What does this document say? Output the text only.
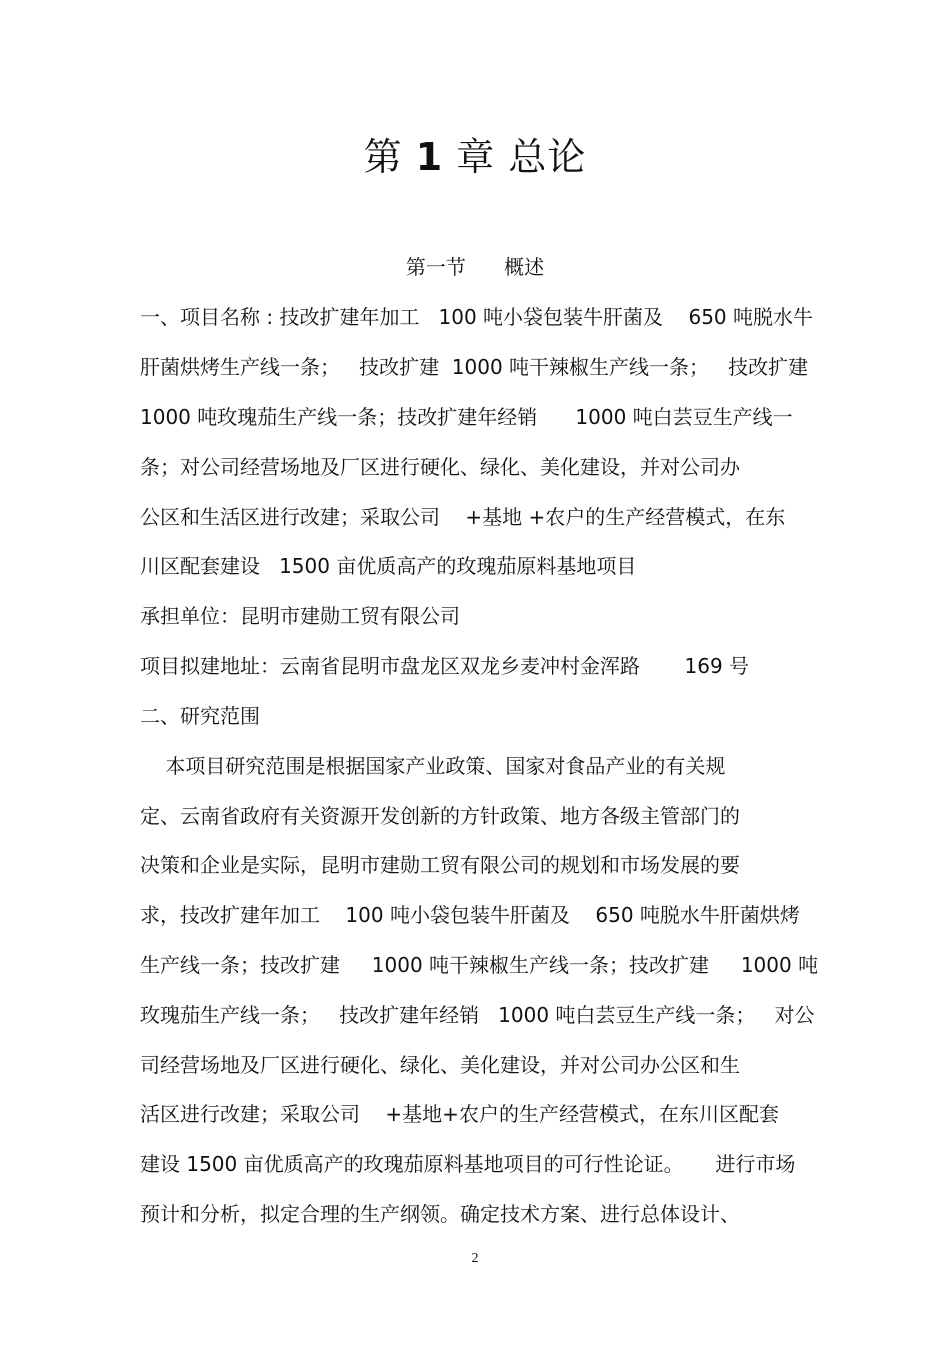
第 1 章 总论
第一节      概述
一、项目名称 : 技改扩建年加工   100 吨小袋包装牛肝菌及    650 吨脱水牛
肝菌烘烤生产线一条；   技改扩建  1000 吨干辣椒生产线一条；   技改扩建
1000 吨玫瑰茄生产线一条；技改扩建年经销      1000 吨白芸豆生产线一
条；对公司经营场地及厂区进行硬化、绿化、美化建设，并对公司办
公区和生活区进行改建；采取公司    +基地 +农户的生产经营模式，在东
川区配套建设   1500 亩优质高产的玫瑰茄原料基地项目
承担单位：昆明市建勋工贸有限公司
项目拟建地址：云南省昆明市盘龙区双龙乡麦冲村金浑路       169 号
二、研究范围
本项目研究范围是根据国家产业政策、国家对食品产业的有关规
定、云南省政府有关资源开发创新的方针政策、地方各级主管部门的
决策和企业是实际，昆明市建勋工贸有限公司的规划和市场发展的要
求，技改扩建年加工    100 吨小袋包装牛肝菌及    650 吨脱水牛肝菌烘烤
生产线一条；技改扩建     1000 吨干辣椒生产线一条；技改扩建     1000 吨
玫瑰茄生产线一条；   技改扩建年经销   1000 吨白芸豆生产线一条；   对公
司经营场地及厂区进行硬化、绿化、美化建设，并对公司办公区和生
活区进行改建；采取公司    +基地+农户的生产经营模式，在东川区配套
建设 1500 亩优质高产的玫瑰茄原料基地项目的可行性论证。     进行市场
预计和分析，拟定合理的生产纲领。确定技术方案、进行总体设计、
2
